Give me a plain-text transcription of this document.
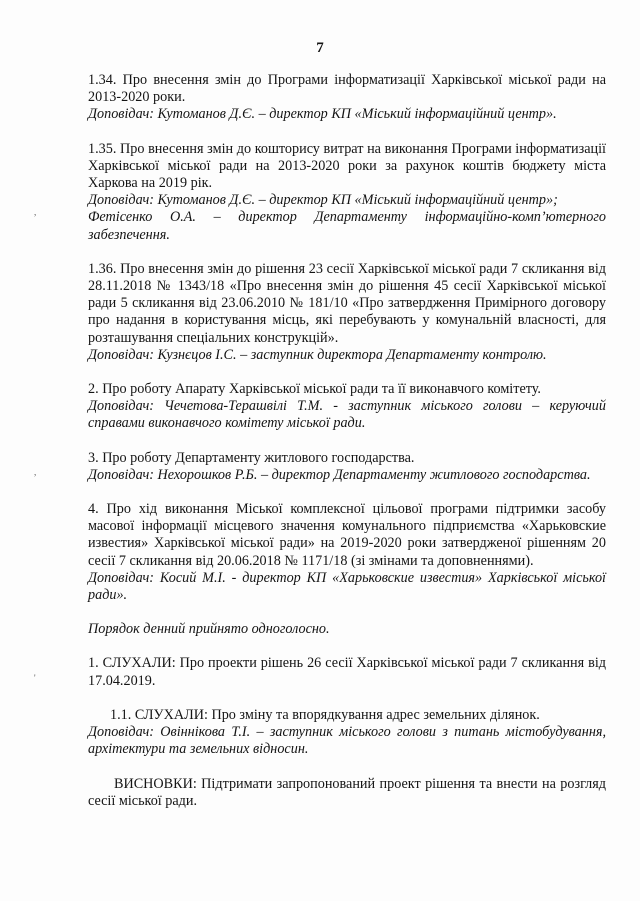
7
,
,
'

1.34. Про внесення змін до Програми інформатизації Харківської міської ради на 2013-2020 роки.

Доповідач: Кутоманов Д.Є. – директор КП «Міський інформаційний центр».

1.35. Про внесення змін до кошторису витрат на виконання Програми інформатизації Харківської міської ради на 2013-2020 роки за рахунок коштів бюджету міста Харкова на 2019 рік.

Доповідач: Кутоманов Д.Є. – директор КП «Міський інформаційний центр»;

Фетісенко О.А. – директор Департаменту інформаційно-комп’ютерного забезпечення.

1.36. Про внесення змін до рішення 23 сесії Харківської міської ради 7 скликання від 28.11.2018 № 1343/18 «Про внесення змін до рішення 45 сесії Харківської міської ради 5 скликання від 23.06.2010 № 181/10 «Про затвердження Примірного договору про надання в користування місць, які перебувають у комунальній власності, для розташування спеціальних конструкцій».

Доповідач: Кузнєцов І.С. – заступник директора Департаменту контролю.

2. Про роботу Апарату Харківської міської ради та її виконавчого комітету.

Доповідач: Чечетова-Терашвілі Т.М. - заступник міського голови – керуючий справами виконавчого комітету міської ради.

3. Про роботу Департаменту житлового господарства.

Доповідач: Нехорошков Р.Б. – директор Департаменту житлового господарства.

4. Про хід виконання Міської комплексної цільової програми підтримки засобу масової інформації місцевого значення комунального підприємства «Харьковские известия» Харківської міської ради» на 2019-2020 роки затвердженої рішенням 20 сесії 7 скликання від 20.06.2018 № 1171/18 (зі змінами та доповненнями).

Доповідач: Косий М.І. - директор КП «Харьковские известия» Харківської міської ради».

Порядок денний прийнято одноголосно.

1. СЛУХАЛИ: Про проекти рішень 26 сесії Харківської міської ради 7 скликання від 17.04.2019.

1.1. СЛУХАЛИ: Про зміну та впорядкування адрес земельних ділянок.

Доповідач: Овіннікова Т.І. – заступник міського голови з питань містобудування, архітектури та земельних відносин.

ВИСНОВКИ: Підтримати запропонований проект рішення та внести на розгляд сесії міської ради.
